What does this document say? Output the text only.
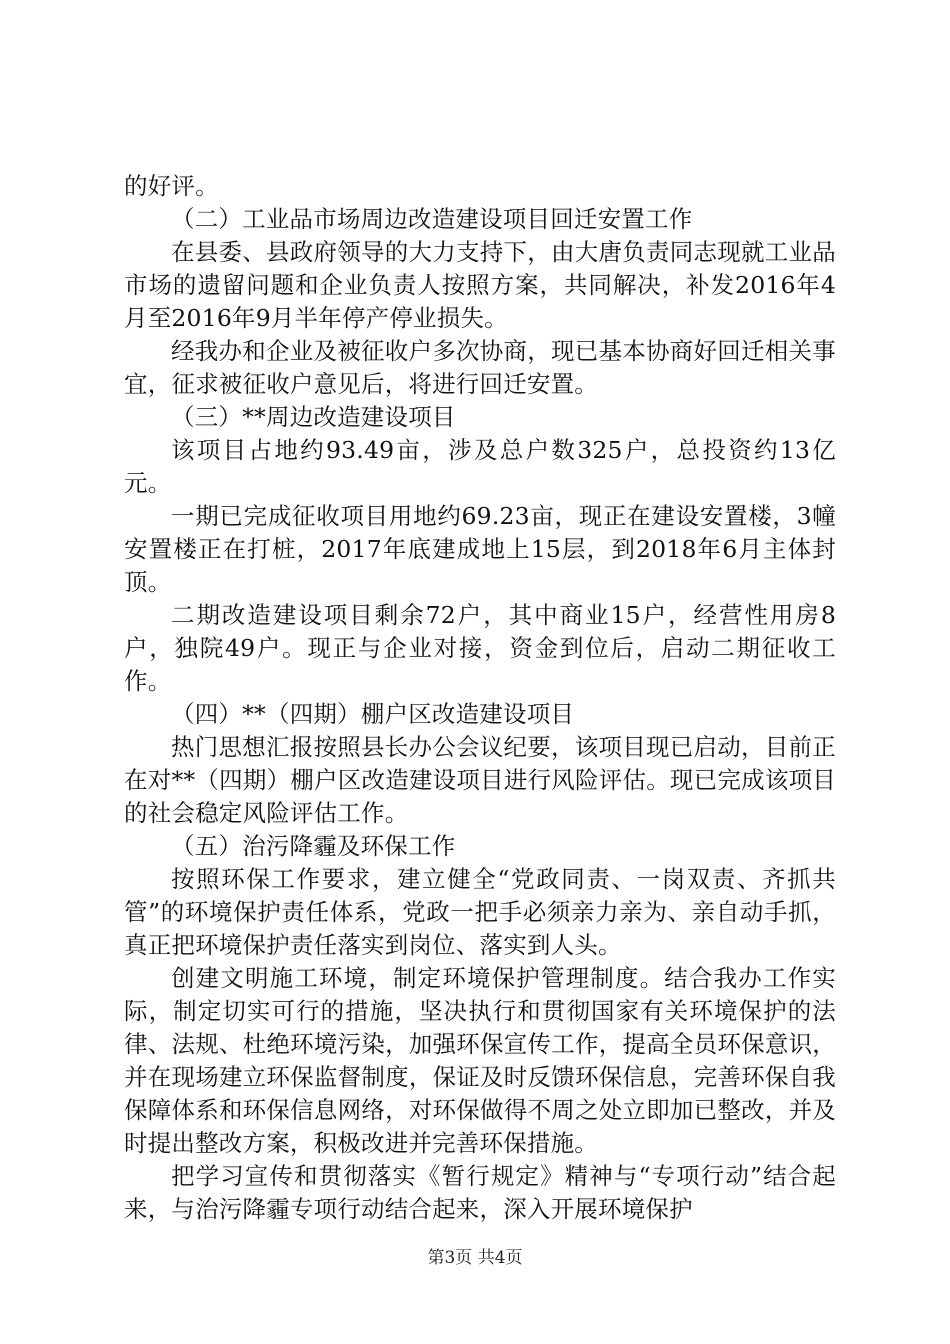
的好评。

（二）工业品市场周边改造建设项目回迁安置工作

在县委、县政府领导的大力支持下，由大唐负责同志现就工业品市场的遗留问题和企业负责人按照方案，共同解决，补发2016年4月至2016年9月半年停产停业损失。

经我办和企业及被征收户多次协商，现已基本协商好回迁相关事宜，征求被征收户意见后，将进行回迁安置。

（三）**周边改造建设项目

该项目占地约93.49亩，涉及总户数325户，总投资约13亿元。

一期已完成征收项目用地约69.23亩，现正在建设安置楼，3幢安置楼正在打桩，2017年底建成地上15层，到2018年6月主体封顶。

二期改造建设项目剩余72户，其中商业15户，经营性用房8户，独院49户。现正与企业对接，资金到位后，启动二期征收工作。

（四）**（四期）棚户区改造建设项目

热门思想汇报按照县长办公会议纪要，该项目现已启动，目前正在对**（四期）棚户区改造建设项目进行风险评估。现已完成该项目的社会稳定风险评估工作。

（五）治污降霾及环保工作

按照环保工作要求，建立健全“党政同责、一岗双责、齐抓共管”的环境保护责任体系，党政一把手必须亲力亲为、亲自动手抓，真正把环境保护责任落实到岗位、落实到人头。

创建文明施工环境，制定环境保护管理制度。结合我办工作实际，制定切实可行的措施，坚决执行和贯彻国家有关环境保护的法律、法规、杜绝环境污染，加强环保宣传工作，提高全员环保意识，并在现场建立环保监督制度，保证及时反馈环保信息，完善环保自我保障体系和环保信息网络，对环保做得不周之处立即加已整改，并及时提出整改方案，积极改进并完善环保措施。

把学习宣传和贯彻落实《暂行规定》精神与“专项行动”结合起来，与治污降霾专项行动结合起来，深入开展环境保护

第3页 共4页
